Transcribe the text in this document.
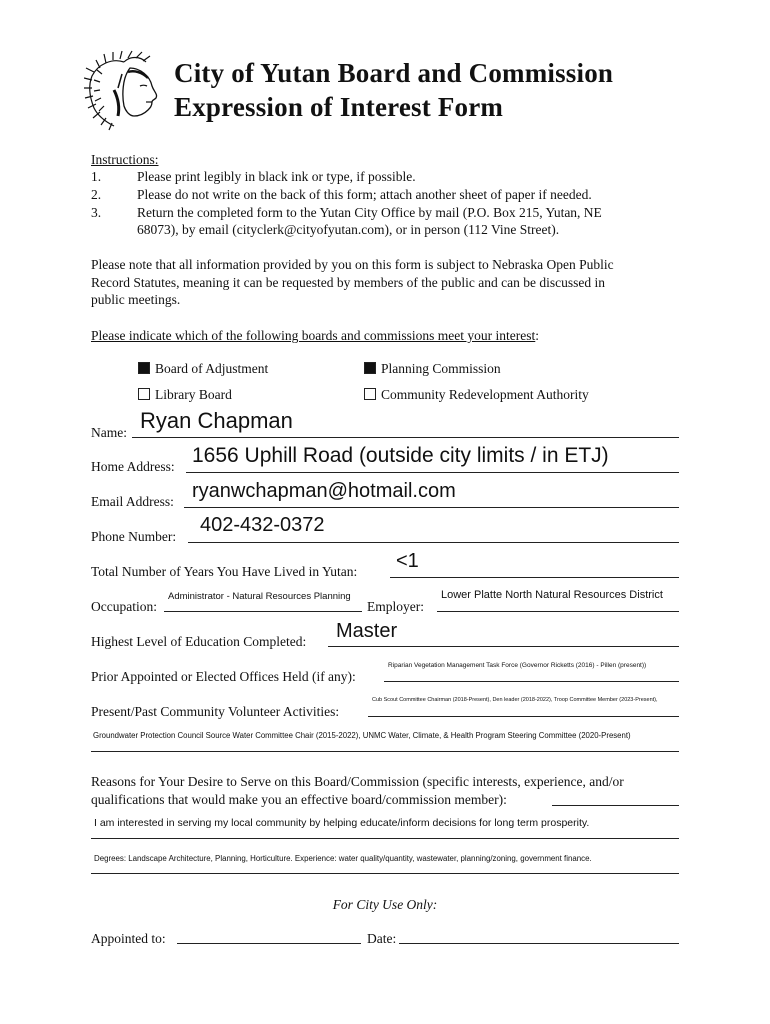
City of Yutan Board and Commission
Expression of Interest Form
Instructions:
1.	Please print legibly in black ink or type, if possible.
2.	Please do not write on the back of this form; attach another sheet of paper if needed.
3.	Return the completed form to the Yutan City Office by mail (P.O. Box 215, Yutan, NE
68073), by email (cityclerk@cityofyutan.com), or in person (112 Vine Street).
Please note that all information provided by you on this form is subject to Nebraska Open Public
Record Statutes, meaning it can be requested by members of the public and can be discussed in
public meetings.
Please indicate which of the following boards and commissions meet your interest:
Board of Adjustment	Planning Commission
Library Board	Community Redevelopment Authority
Name: Ryan Chapman
Home Address: 1656 Uphill Road (outside city limits / in ETJ)
Email Address: ryanwchapman@hotmail.com
Phone Number:
402-432-0372
Total Number of Years You Have Lived in Yutan: <1
Occupation:
Administrator - Natural Resources Planning
Employer:
Lower Platte North Natural Resources District
Highest Level of Education Completed: Master
Prior Appointed or Elected Offices Held (if any):
Riparian Vegetation Management Task Force (Governor Ricketts (2016) - Pillen (present))
Present/Past Community Volunteer Activities:
Cub Scout Committee Chairman (2018-Present), Den leader (2018-2022), Troop Committee Member (2023-Present),
Groundwater Protection Council Source Water Committee Chair (2015-2022), UNMC Water, Climate, & Health Program Steering Committee (2020-Present)
Reasons for Your Desire to Serve on this Board/Commission (specific interests, experience, and/or
qualifications that would make you an effective board/commission member):
I am interested in serving my local community by helping educate/inform decisions for long term prosperity.
Degrees: Landscape Architecture, Planning, Horticulture. Experience: water quality/quantity, wastewater, planning/zoning, government finance.
For City Use Only:
Appointed to:	Date:
